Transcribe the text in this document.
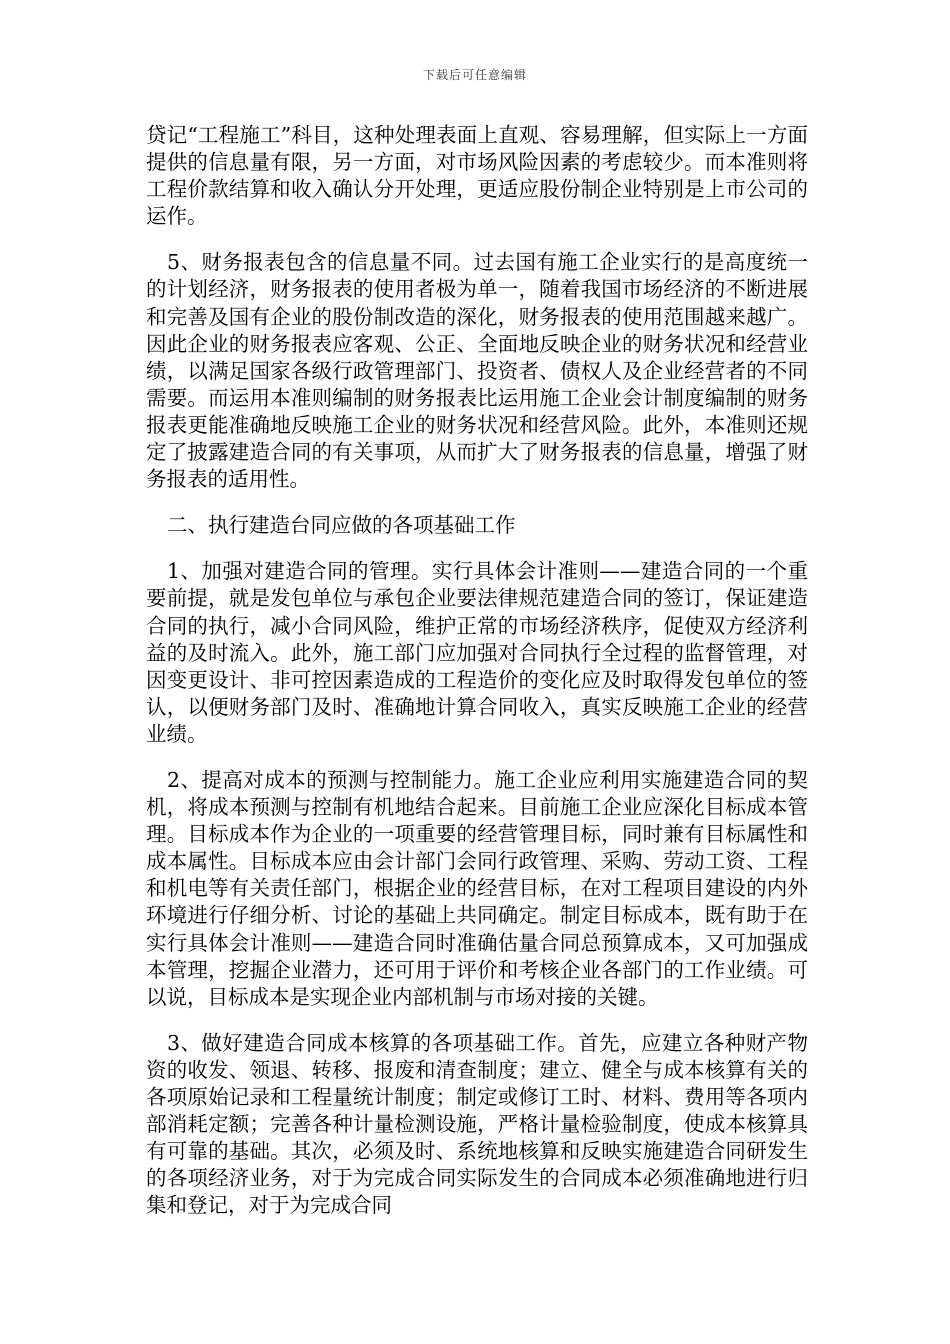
下载后可任意编辑

贷记“工程施工”科目，这种处理表面上直观、容易理解，但实际上一方面提供的信息量有限，另一方面，对市场风险因素的考虑较少。而本准则将工程价款结算和收入确认分开处理，更适应股份制企业特别是上市公司的运作。

5、财务报表包含的信息量不同。过去国有施工企业实行的是高度统一的计划经济，财务报表的使用者极为单一，随着我国市场经济的不断进展和完善及国有企业的股份制改造的深化，财务报表的使用范围越来越广。因此企业的财务报表应客观、公正、全面地反映企业的财务状况和经营业绩，以满足国家各级行政管理部门、投资者、债权人及企业经营者的不同需要。而运用本准则编制的财务报表比运用施工企业会计制度编制的财务报表更能准确地反映施工企业的财务状况和经营风险。此外，本准则还规定了披露建造合同的有关事项，从而扩大了财务报表的信息量，增强了财务报表的适用性。

二、执行建造台同应做的各项基础工作

1、加强对建造合同的管理。实行具体会计准则——建造合同的一个重要前提，就是发包单位与承包企业要法律规范建造合同的签订，保证建造合同的执行，减小合同风险，维护正常的市场经济秩序，促使双方经济利益的及时流入。此外，施工部门应加强对合同执行全过程的监督管理，对因变更设计、非可控因素造成的工程造价的变化应及时取得发包单位的签认，以便财务部门及时、准确地计算合同收入，真实反映施工企业的经营业绩。

2、提高对成本的预测与控制能力。施工企业应利用实施建造合同的契机，将成本预测与控制有机地结合起来。目前施工企业应深化目标成本管理。目标成本作为企业的一项重要的经营管理目标，同时兼有目标属性和成本属性。目标成本应由会计部门会同行政管理、采购、劳动工资、工程和机电等有关责任部门，根据企业的经营目标，在对工程项目建设的内外环境进行仔细分析、讨论的基础上共同确定。制定目标成本，既有助于在实行具体会计准则——建造合同时准确估量合同总预算成本，又可加强成本管理，挖掘企业潜力，还可用于评价和考核企业各部门的工作业绩。可以说，目标成本是实现企业内部机制与市场对接的关键。

3、做好建造合同成本核算的各项基础工作。首先，应建立各种财产物资的收发、领退、转移、报废和清查制度；建立、健全与成本核算有关的各项原始记录和工程量统计制度；制定或修订工时、材料、费用等各项内部消耗定额；完善各种计量检测设施，严格计量检验制度，使成本核算具有可靠的基础。其次，必须及时、系统地核算和反映实施建造合同研发生的各项经济业务，对于为完成合同实际发生的合同成本必须准确地进行归集和登记，对于为完成合同
